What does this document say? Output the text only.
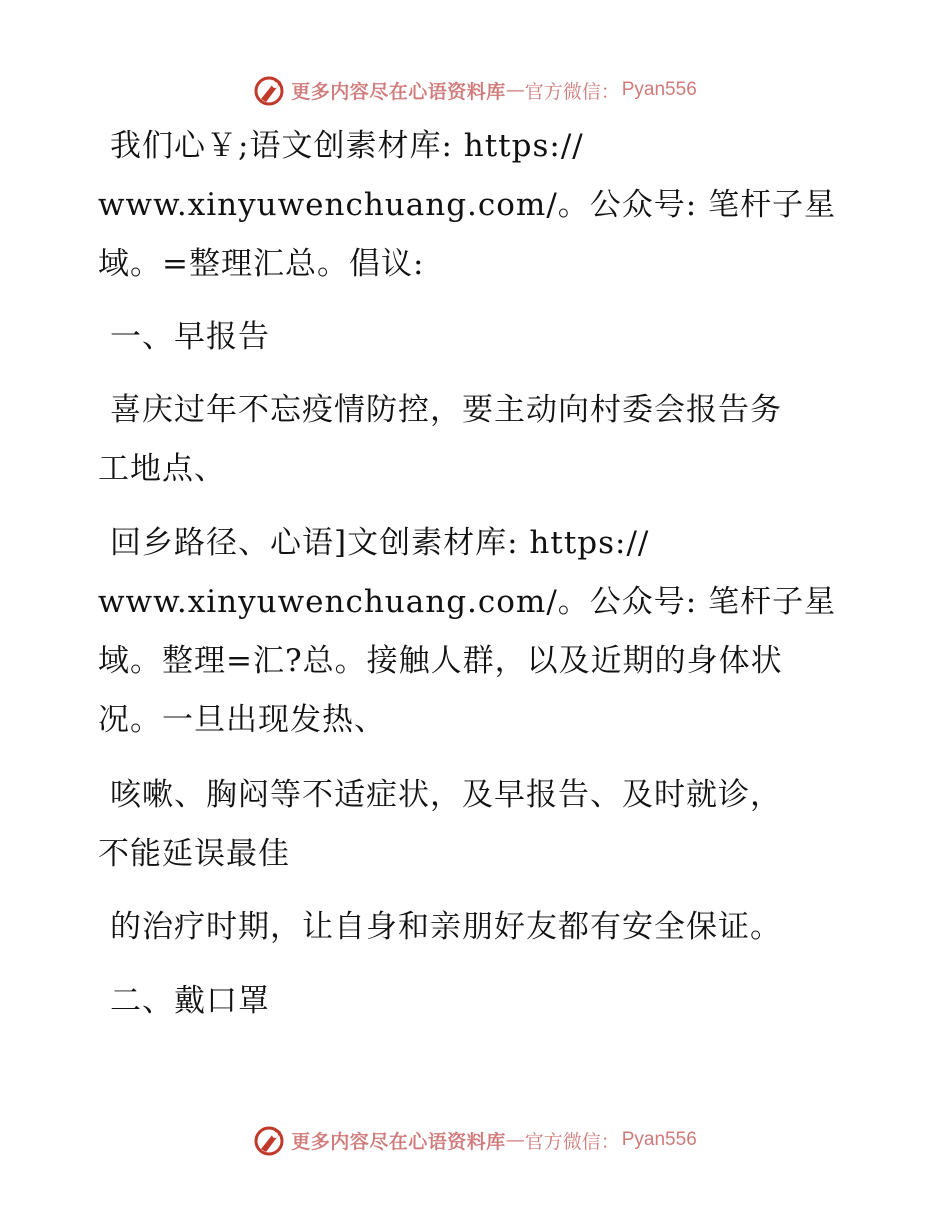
更多内容尽在心语资料库 — 官方微信： Pyan556
我们心￥;语文创素材库: https://
www.xinyuwenchuang.com/。公众号: 笔杆子星
域。=整理汇总。倡议:
一、早报告
喜庆过年不忘疫情防控，要主动向村委会报告务
工地点、
回乡路径、心语]文创素材库: https://
www.xinyuwenchuang.com/。公众号: 笔杆子星
域。整理=汇?总。接触人群，以及近期的身体状
况。一旦出现发热、
咳嗽、胸闷等不适症状，及早报告、及时就诊，
不能延误最佳
的治疗时期，让自身和亲朋好友都有安全保证。
二、戴口罩
更多内容尽在心语资料库 — 官方微信： Pyan556
